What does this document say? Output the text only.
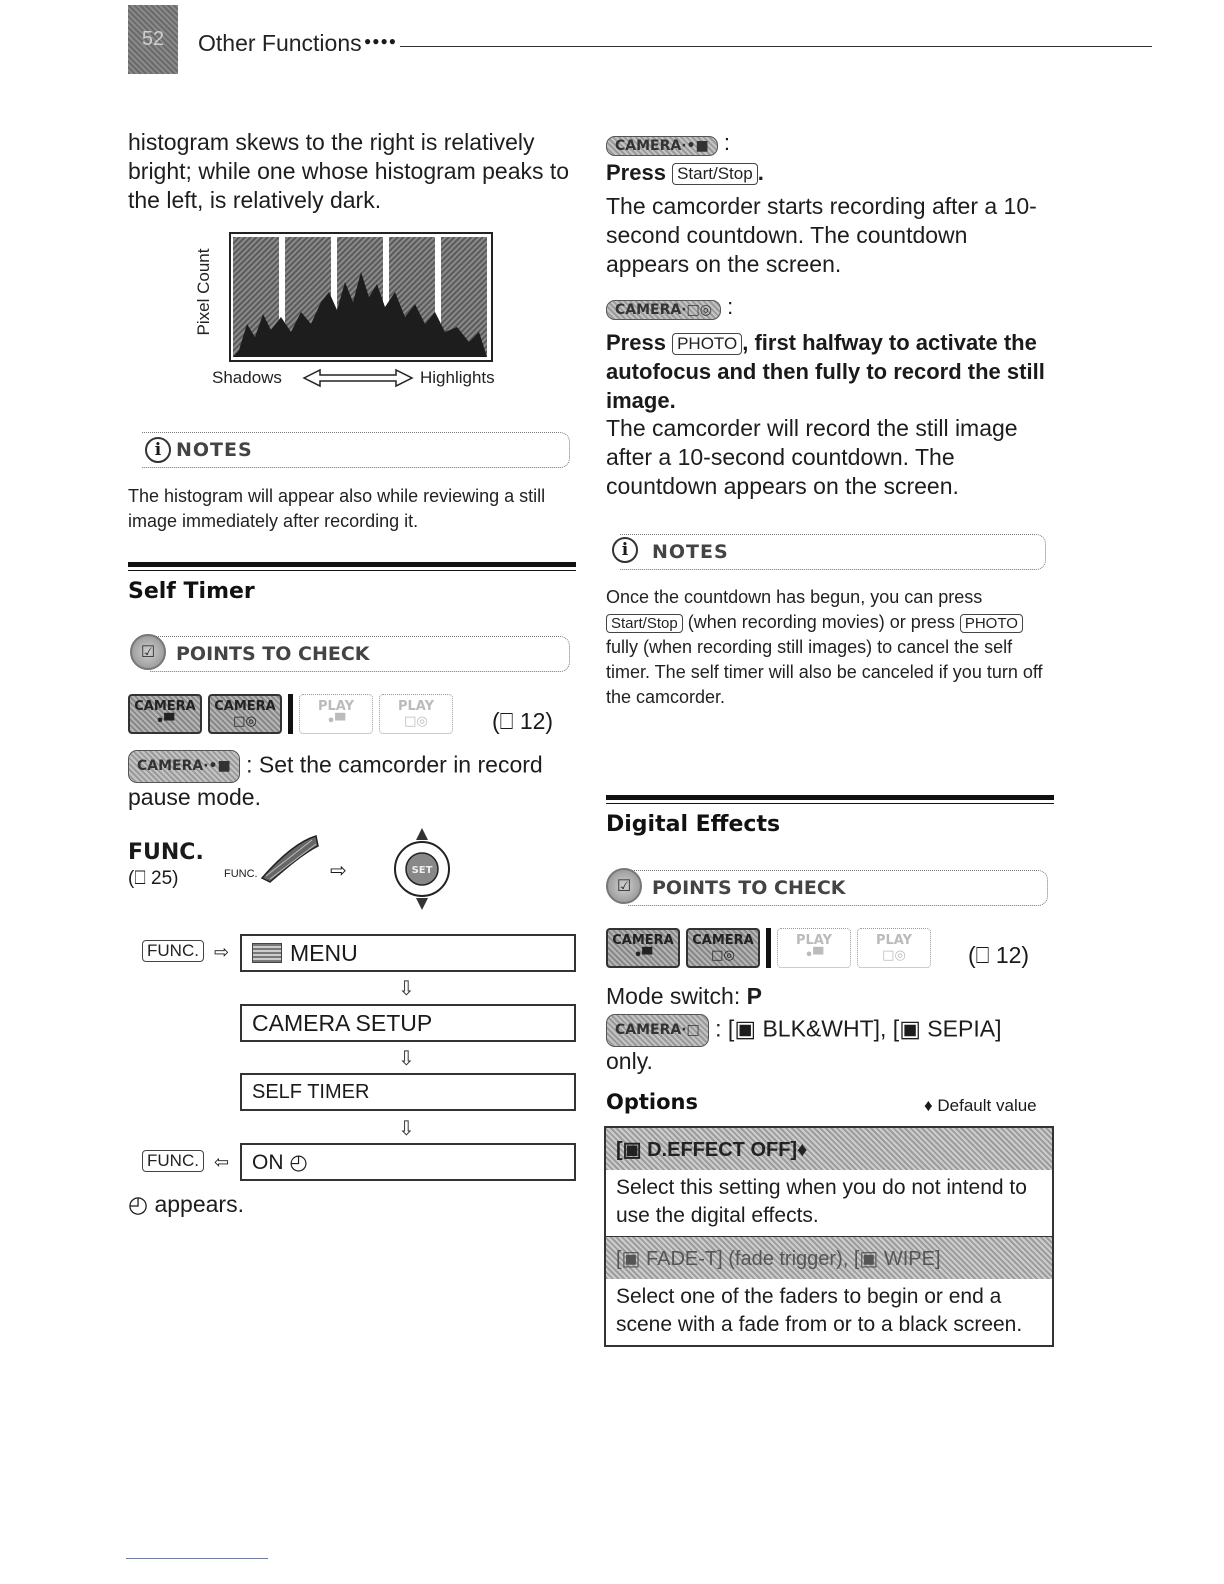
52	Other Functions ●●●●
histogram skews to the right is relatively bright; while one whose histogram peaks to the left, is relatively dark.
Pixel Count
Shadows	Highlights
i NOTES
The histogram will appear also while reviewing a still image immediately after recording it.
Self Timer
☑	POINTS TO CHECK
CAMERA
•▀
CAMERA
□◎
PLAY
•▀
PLAY
□◎	(⎕ 12)
CAMERA·•■ : Set the camcorder in record pause mode.
FUNC.
(⎕ 25)	FUNC.	⇨	SET
FUNC. ⇨	MENU
⇩
CAMERA SETUP
⇩
SELF TIMER
⇩
FUNC. ⇦	ON ◴
◴ appears.
CAMERA·•■ :
Press Start/Stop .
The camcorder starts recording after a 10-second countdown. The countdown appears on the screen.
CAMERA·□◎ :
Press PHOTO , first halfway to activate the autofocus and then fully to record the still image.
The camcorder will record the still image after a 10-second countdown. The countdown appears on the screen.
i	NOTES
Once the countdown has begun, you can press Start/Stop (when recording movies) or press PHOTO fully (when recording still images) to cancel the self timer. The self timer will also be canceled if you turn off the camcorder.
Digital Effects
☑	POINTS TO CHECK
CAMERA
•▀
CAMERA
□◎
PLAY
•▀
PLAY
□◎	(⎕ 12)
Mode switch: P
CAMERA·□ : [▣ BLK&WHT], [▣ SEPIA] only.
Options	♦ Default value
[▣ D.EFFECT OFF]♦
Select this setting when you do not intend to use the digital effects.
[▣ FADE-T] (fade trigger), [▣ WIPE]
Select one of the faders to begin or end a scene with a fade from or to a black screen.
